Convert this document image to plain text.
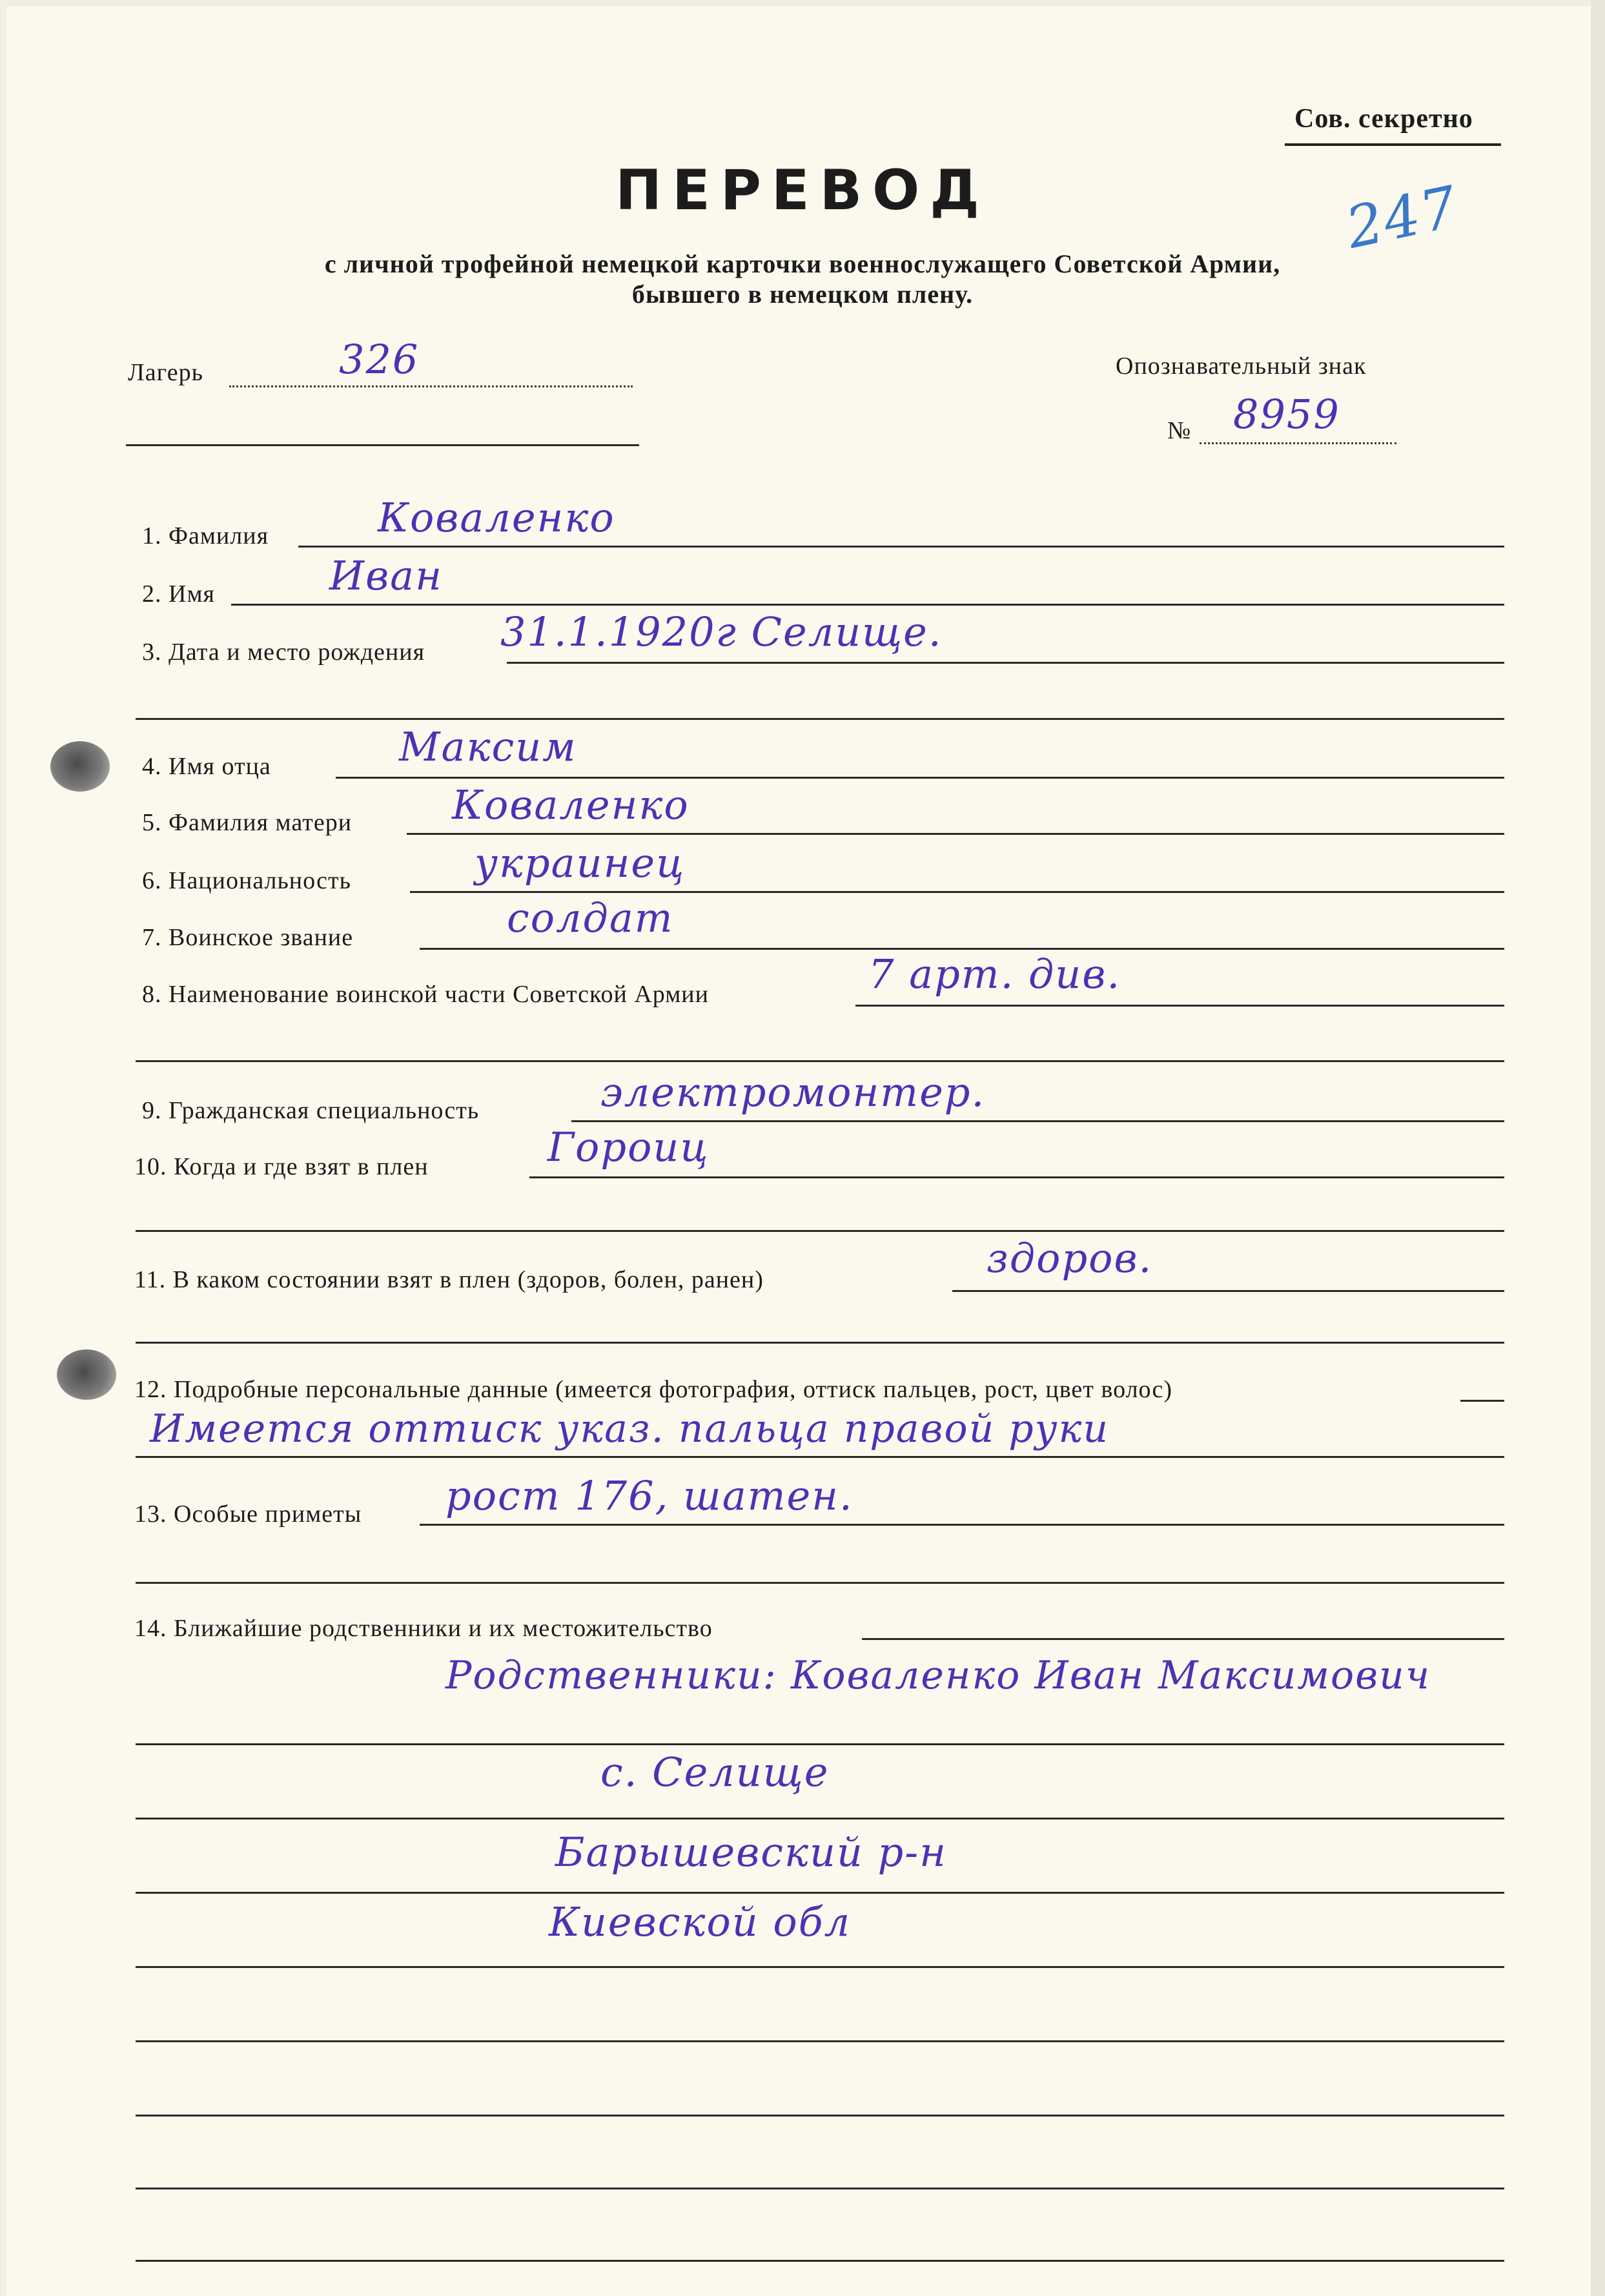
Сов. секретно
247
ПЕРЕВОД
с личной трофейной немецкой карточки военнослужащего Советской Армии,
бывшего в немецком плену.
Лагерь	326	Опознавательный знак
№ 8959
1. Фамилия	Коваленко
2. Имя	Иван
3. Дата и место рождения 31.1.1920г Селище.
4. Имя отца	Максим
5. Фамилия матери Коваленко
6. Национальность	украинец
7. Воинское звание	солдат
8. Наименование воинской части Советской Армии	7 арт. див.
9. Гражданская специальность	электромонтер.
10. Когда и где взят в плен	Гороиц
11. В каком состоянии взят в плен (здоров, болен, ранен)	здоров.
12. Подробные персональные данные (имеется фотография, оттиск пальцев, рост, цвет волос)
Имеется оттиск указ. пальца правой руки
13. Особые приметы рост 176, шатен.
14. Ближайшие родственники и их местожительство
Родственники: Коваленко Иван Максимович
с. Селище
Барышевский р-н
Киевской обл
